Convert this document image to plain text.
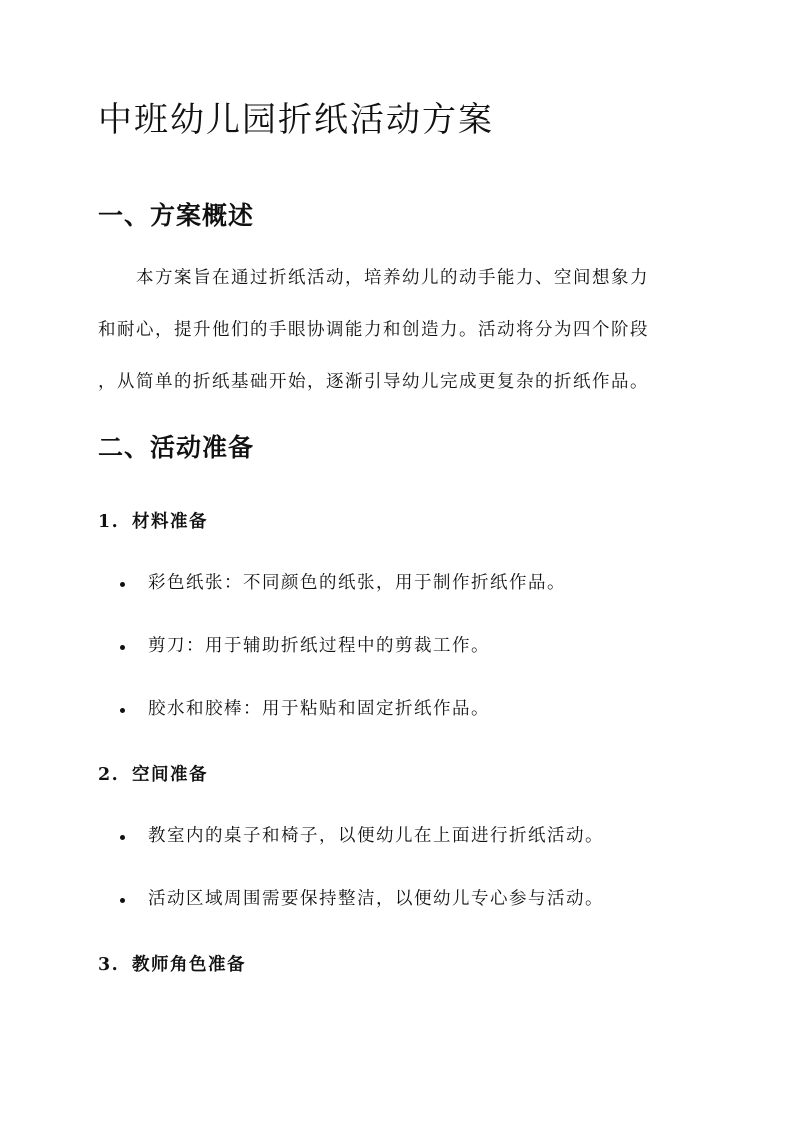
中班幼儿园折纸活动方案
一、方案概述

本方案旨在通过折纸活动，培养幼儿的动手能力、空间想象力
和耐心，提升他们的手眼协调能力和创造力。活动将分为四个阶段
，从简单的折纸基础开始，逐渐引导幼儿完成更复杂的折纸作品。

二、活动准备
1. 材料准备
彩色纸张：不同颜色的纸张，用于制作折纸作品。
剪刀：用于辅助折纸过程中的剪裁工作。
胶水和胶棒：用于粘贴和固定折纸作品。
2. 空间准备
教室内的桌子和椅子，以便幼儿在上面进行折纸活动。
活动区域周围需要保持整洁，以便幼儿专心参与活动。
3. 教师角色准备
